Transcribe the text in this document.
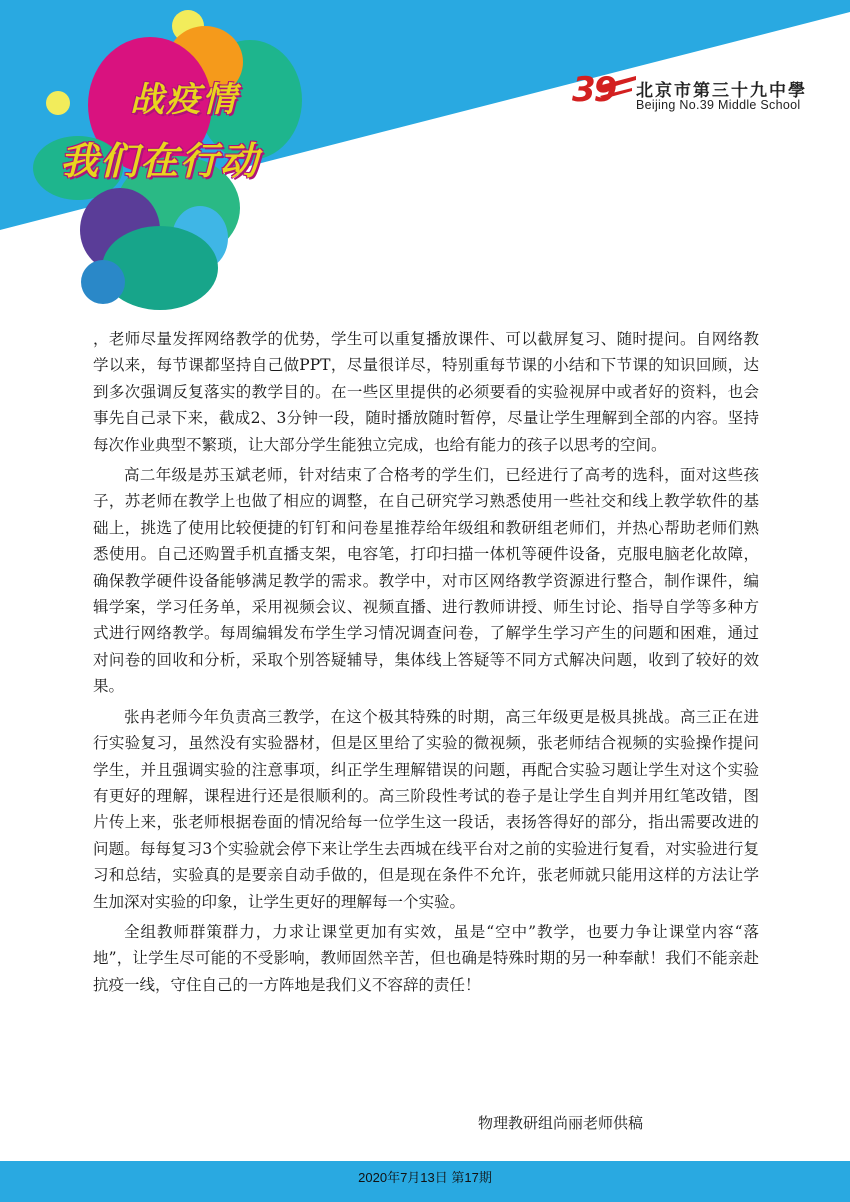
战疫情
我们在行动
39 北京市第三十九中學
Beijing No.39 Middle School

，老师尽量发挥网络教学的优势，学生可以重复播放课件、可以截屏复习、随时提问。自网络教学以来，每节课都坚持自己做PPT，尽量很详尽，特别重每节课的小结和下节课的知识回顾，达到多次强调反复落实的教学目的。在一些区里提供的必须要看的实验视屏中或者好的资料，也会事先自己录下来，截成2、3分钟一段，随时播放随时暂停，尽量让学生理解到全部的内容。坚持每次作业典型不繁琐，让大部分学生能独立完成，也给有能力的孩子以思考的空间。

高二年级是苏玉斌老师，针对结束了合格考的学生们，已经进行了高考的选科，面对这些孩子，苏老师在教学上也做了相应的调整，在自己研究学习熟悉使用一些社交和线上教学软件的基础上，挑选了使用比较便捷的钉钉和问卷星推荐给年级组和教研组老师们，并热心帮助老师们熟悉使用。自己还购置手机直播支架，电容笔，打印扫描一体机等硬件设备，克服电脑老化故障，确保教学硬件设备能够满足教学的需求。教学中，对市区网络教学资源进行整合，制作课件，编辑学案，学习任务单，采用视频会议、视频直播、进行教师讲授、师生讨论、指导自学等多种方式进行网络教学。每周编辑发布学生学习情况调查问卷，了解学生学习产生的问题和困难，通过对问卷的回收和分析，采取个别答疑辅导，集体线上答疑等不同方式解决问题，收到了较好的效果。

张冉老师今年负责高三教学，在这个极其特殊的时期，高三年级更是极具挑战。高三正在进行实验复习，虽然没有实验器材，但是区里给了实验的微视频，张老师结合视频的实验操作提问学生，并且强调实验的注意事项，纠正学生理解错误的问题，再配合实验习题让学生对这个实验有更好的理解，课程进行还是很顺利的。高三阶段性考试的卷子是让学生自判并用红笔改错，图片传上来，张老师根据卷面的情况给每一位学生这一段话，表扬答得好的部分，指出需要改进的问题。每每复习3个实验就会停下来让学生去西城在线平台对之前的实验进行复看，对实验进行复习和总结，实验真的是要亲自动手做的，但是现在条件不允许，张老师就只能用这样的方法让学生加深对实验的印象，让学生更好的理解每一个实验。

全组教师群策群力，力求让课堂更加有实效，虽是“空中”教学，也要力争让课堂内容“落地”，让学生尽可能的不受影响，教师固然辛苦，但也确是特殊时期的另一种奉献！我们不能亲赴抗疫一线，守住自己的一方阵地是我们义不容辞的责任！

物理教研组尚丽老师供稿
2020年7月13日 第17期
